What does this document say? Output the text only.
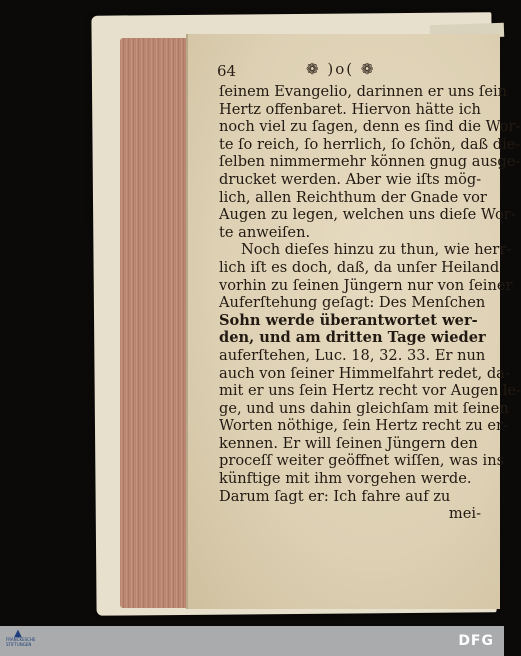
64	❁ )o( ❁
ſeinem Evangelio, darinnen er uns ſein
Hertz offenbaret. Hiervon hätte ich
noch viel zu ſagen, denn es ſind die Wor-
te ſo reich, ſo herrlich, ſo ſchön, daß die-
ſelben nimmermehr können gnug ausge-
drucket werden. Aber wie iſts mög-
lich, allen Reichthum der Gnade vor
Augen zu legen, welchen uns dieſe Wor-
te anweiſen.
Noch dieſes hinzu zu thun, wie herr-
lich iſt es doch, daß, da unſer Heiland
vorhin zu ſeinen Jüngern nur von ſeiner
Auferſtehung geſagt: Des Menſchen
Sohn werde überantwortet wer-
den, und am dritten Tage wieder
auferſtehen, Luc. 18, 32. 33. Er nun
auch von ſeiner Himmelfahrt redet, da-
mit er uns ſein Hertz recht vor Augen le-
ge, und uns dahin gleichſam mit ſeinen
Worten nöthige, ſein Hertz recht zu er-
kennen. Er will ſeinen Jüngern den
proceſſ weiter geöffnet wiſſen, was ins
künftige mit ihm vorgehen werde.
Darum ſagt er: Ich fahre auf zu
mei-
▲
FRANCKESCHE STIFTUNGEN	DFG
